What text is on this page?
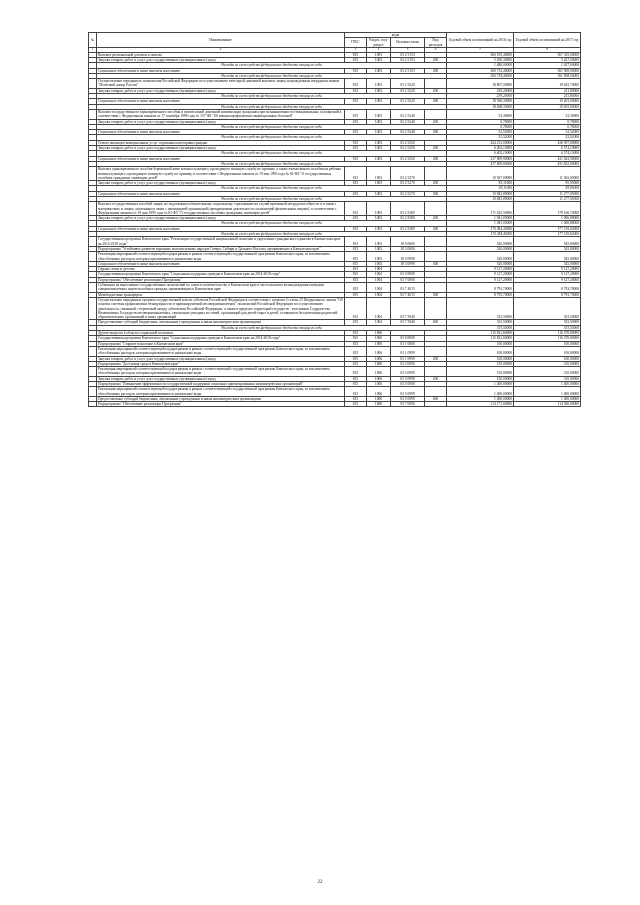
№	Наименование	коды				Годовой объем ассигнований на 2016 год	Годовой объем ассигнований на 2017 год
		ГРБС	Раздел, под-раздел	Целевая статья	Вид расходов		
1	2	3	4	5	6	7	8
	Выплата региональной доплаты к пенсии	815	1003	03 2 5153		366 185,40000	367 335,00000
	Закупка товаров, работ и услуг для государственных (муниципальных) нужд	815	1003	03 2 5153	200	5 450,30000	5 427,00000
	Расходы за счет средств федерального бюджета текущего года					1 486,00000	1 427,00000
	Социальное обеспечение и иные выплаты населению	815	1003	03 2 5153	300	360 734,40000	361 908,00000
	Расходы за счет средств федерального бюджета текущего года					360 734,40000	361 908,00000
	Осуществление переданного полномочия Российской Федерации по осуществлению ежегодной денежной выплаты лицам, награжденным нагрудным знаком "Почетный донор России"	815	1003	03 2 5220		18 807,50000	19 625,70000
	Закупка товаров, работ и услуг для государственных (муниципальных) нужд	815	1003	03 2 5220	200	239,20000	211,80000
	Расходы за счет средств федерального бюджета текущего года					239,20000	211,80000
	Социальное обеспечение и иные выплаты населению	815	1003	03 2 5220	300	18 568,30000	19 403,90000
	Расходы за счет средств федерального бюджета текущего года					18 568,30000	19 403,90000
	Выплата государственного единовременного пособия и ежемесячной денежной компенсации гражданам при возникновении поствакцинальных осложнений в соответствии с Федеральным законом от 17 сентября 1998 года № 157-ФЗ "Об иммунопрофилактике инфекционных болезней"	815	1003	03 2 5240		53,30000	53,30000
	Закупка товаров, работ и услуг для государственных (муниципальных) нужд	815	1003	03 2 5240	200	0,78000	0,78000
	Расходы за счет средств федерального бюджета текущего года					0,78000	0,78000
	Социальное обеспечение и иные выплаты населению	815	1003	03 2 5240	300	52,52000	52,52000
	Расходы за счет средств федерального бюджета текущего года					52,52000	52,52000
	Оплата жилищно-коммунальных услуг отдельным категориям граждан	815	1003	03 2 5250		424 212,00000	438 397,00000
	Закупка товаров, работ и услуг для государственных (муниципальных) нужд	815	1003	03 2 5250	200	6 402,10000	6 574,10000
	Расходы за счет средств федерального бюджета текущего года					6 402,10000	6 574,10000
	Социальное обеспечение и иные выплаты населению	815	1003	03 2 5250	300	417 809,90000	431 822,90000
	Расходы за счет средств федерального бюджета текущего года					417 809,90000	431 822,90000
	Выплата единовременного пособия беременной жене военнослужащего, проходящего военную службу по призыву, а также ежемесячного пособия на ребенка военнослужащего, проходящего военную службу по призыву, в соответствии с Федеральным законом от 19 мая 1995 года № 81-ФЗ "О государственных пособиях гражданам, имеющим детей"	815	1003	03 2 5270		10 927,00000	11 363,00000
	Закупка товаров, работ и услуг для государственных (муниципальных) нужд	815	1003	03 2 5270	200	83,11000	85,95000
	Расходы за счет средств федерального бюджета текущего года					83,11000	85,95000
	Социальное обеспечение и иные выплаты населению	815	1003	03 2 5270	300	10 843,89000	11 277,05000
	Расходы за счет средств федерального бюджета текущего года					10 843,89000	11 277,05000
	Выплата государственных пособий лицам, не подлежащим обязательному социальному страхованию на случай временной нетрудоспособности и в связи с материнством, и лицам, уволенным в связи с ликвидацией организаций (прекращением деятельности, полномочий физическими лицами), в соответствии с Федеральным законом от 19 мая 1995 года № 81-ФЗ "О государственных пособиях гражданам, имеющим детей"	815	1003	03 2 5380		171 425,50000	178 166,70000
	Закупка товаров, работ и услуг для государственных (муниципальных) нужд	815	1003	03 2 5380	200	1 041,05000	1 006,88000
	Расходы за счет средств федерального бюджета текущего года					1 041,05000	1 006,88000
	Социальное обеспечение и иные выплаты населению	815	1003	03 2 5380	300	170 384,45000	177 159,82000
	Расходы за счет средств федерального бюджета текущего года					170 384,45000	177 159,82000
	Государственная программа Камчатского края "Реализация государственной национальной политики и укрепление гражданского единства в Камчатском крае на 2014-2018 годы"	815	1003	18 0 0000		520,00000	545,00000
	Подпрограмма "Устойчивое развитие коренных малочисленных народов Севера, Сибири и Дальнего Востока, проживающих в Камчатском крае"	815	1003	18 3 0000		520,00000	545,00000
	Реализация мероприятий соответствующей подпрограммы в рамках соответствующей государственной программы Камчатского края, за исключением обособленных расходов, которым присваиваются уникальные коды	815	1003	18 3 0999		520,00000	545,00000
	Социальное обеспечение и иные выплаты населению	815	1003	18 3 0999	300	520,00000	545,00000
	Охрана семьи и детства	815	1004			9 127,20000	9 127,20000
	Государственная программа Камчатского края "Социальная поддержка граждан в Камчатском крае на 2014-2018 годы"	815	1004	03 0 0000		9 127,20000	9 127,20000
	Подпрограмма "Обеспечение реализации Программы"	815	1004	03 7 0000		9 127,20000	9 127,20000
	Субвенции на выполнение государственных полномочий по опеке и попечительству в Камчатском крае в части выплаты вознаграждения опекунам совершеннолетних недееспособных граждан, проживающим в Камчатском крае	815	1004	03 7 4015		8 793,70000	8 793,70000
	Межбюджетные трансферты	815	1004	03 7 4015	500	8 793,70000	8 793,70000
	Осуществление переданных органам государственной власти субъектов Российской Федерации в соответствии с пунктом 3 статьи 25 Федерального закона "Об основах системы профилактики безнадзорности и правонарушений несовершеннолетних" полномочий Российской Федерации по осуществлению деятельности, связанной с перевозкой между субъектами Российской Федерации, а также в пределах территорий государств - участников Содружества Независимых Государств несовершеннолетних, самовольно ушедших из семей, организаций для детей-сирот и детей, оставшихся без попечения родителей, образовательных организаций и иных организаций	815	1004	03 7 5940		333,50000	333,50000
	Предоставление субсидий бюджетным, автономным учреждениям и иным некоммерческим организациям	815	1004	03 7 5940	600	333,50000	333,50000
	Расходы за счет средств федерального бюджета текущего года					333,50000	333,50000
	Другие вопросы в области социальной политики	815	1006			115 821,60000	116 378,00000
	Государственная программа Камчатского края "Социальная поддержка граждан в Камчатском крае на 2014-2018 годы"	815	1006	03 0 0000		115 821,60000	116 378,00000
	Подпрограмма "Старшее поколение в Камчатском крае"	815	1006	03 1 0000		100,00000	100,00000
	Реализация мероприятий соответствующей подпрограммы в рамках соответствующей государственной программы Камчатского края, за исключением обособленных расходов, которым присваиваются уникальные коды	815	1006	03 1 0999		100,00000	100,00000
	Закупка товаров, работ и услуг для государственных (муниципальных) нужд	815	1006	03 1 0999	200	100,00000	100,00000
	Подпрограмма "Доступная среда в Камчатском крае"	815	1006	03 3 0000		150,00000	310,00000
	Реализация мероприятий соответствующей подпрограммы в рамках соответствующей государственной программы Камчатского края, за исключением обособленных расходов, которым присваиваются уникальные коды	815	1006	03 3 0999		150,00000	310,00000
	Закупка товаров, работ и услуг для государственных (муниципальных) нужд	815	1006	03 3 0999	200	150,00000	310,00000
	Подпрограмма "Повышение эффективности государственной поддержки социально ориентированных некоммерческих организаций"	815	1006	03 5 0000		1 400,00000	1 400,00000
	Реализация мероприятий соответствующей подпрограммы в рамках соответствующей государственной программы Камчатского края, за исключением обособленных расходов, которым присваиваются уникальные коды	815	1006	03 5 0999		1 400,00000	1 400,00000
	Предоставление субсидий бюджетным, автономным учреждениям и иным некоммерческим организациям	815	1006	03 5 0999	600	1 400,00000	1 400,00000
	Подпрограмма "Обеспечение реализации Программы"	815	1006	03 7 0000		114 171,60000	114 568,00000
22
